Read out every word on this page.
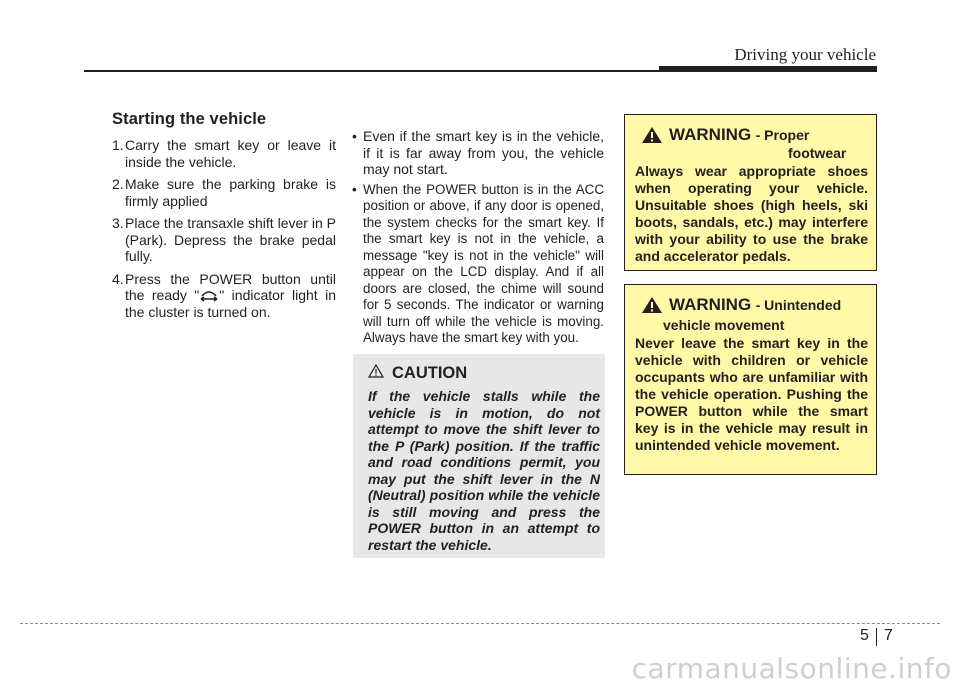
Driving your vehicle
Starting the vehicle
1.Carry the smart key or leave it inside the vehicle.
2.Make sure the parking brake is firmly applied
3.Place the transaxle shift lever in P (Park). Depress the brake pedal fully.
4.Press the POWER button until the ready " " indicator light in the cluster is turned on.
• Even if the smart key is in the vehicle, if it is far away from you, the vehicle may not start.
• When the POWER button is in the ACC position or above, if any door is opened, the system checks for the smart key. If the smart key is not in the vehicle, a message "key is not in the vehicle" will appear on the LCD display. And if all doors are closed, the chime will sound for 5 seconds. The indicator or warning will turn off while the vehicle is moving. Always have the smart key with you.
CAUTION
If the vehicle stalls while the vehicle is in motion, do not attempt to move the shift lever to the P (Park) position. If the traffic and road conditions permit, you may put the shift lever in the N (Neutral) position while the vehicle is still moving and press the POWER button in an attempt to restart the vehicle.
WARNING - Proper
footwear
Always wear appropriate shoes when operating your vehicle. Unsuitable shoes (high heels, ski boots, sandals, etc.) may interfere with your ability to use the brake and accelerator pedals.
WARNING - Unintended
vehicle movement
Never leave the smart key in the vehicle with children or vehicle occupants who are unfamiliar with the vehicle operation. Pushing the POWER button while the smart key is in the vehicle may result in unintended vehicle movement.
5 7
carmanualsonline.info
